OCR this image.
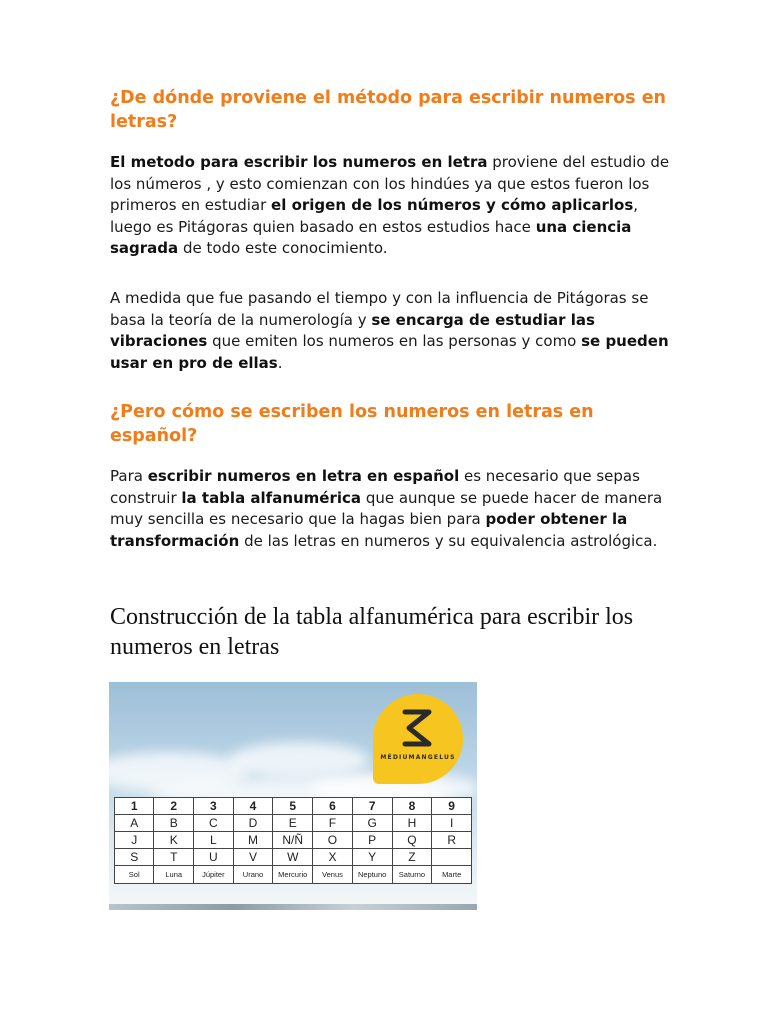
¿De dónde proviene el método para escribir numeros en letras?

El metodo para escribir los numeros en letra proviene del estudio de los números , y esto comienzan con los hindúes ya que estos fueron los primeros en estudiar el origen de los números y cómo aplicarlos, luego es Pitágoras quien basado en estos estudios hace una ciencia sagrada de todo este conocimiento.

A medida que fue pasando el tiempo y con la influencia de Pitágoras se basa la teoría de la numerología y se encarga de estudiar las vibraciones que emiten los numeros en las personas y como se pueden usar en pro de ellas.

¿Pero cómo se escriben los numeros en letras en español?

Para escribir numeros en letra en español es necesario que sepas construir la tabla alfanumérica que aunque se puede hacer de manera muy sencilla es necesario que la hagas bien para poder obtener la transformación de las letras en numeros y su equivalencia astrológica.

Construcción de la tabla alfanumérica para escribir los numeros en letras
MÉDIUMANGELUS
1	2	3	4	5	6	7	8	9
A	B	C	D	E	F	G	H	I
J	K	L	M	N/Ñ	O	P	Q	R
S	T	U	V	W	X	Y	Z	
Sol	Luna	Júpiter	Urano	Mercurio	Venus	Neptuno	Saturno	Marte
